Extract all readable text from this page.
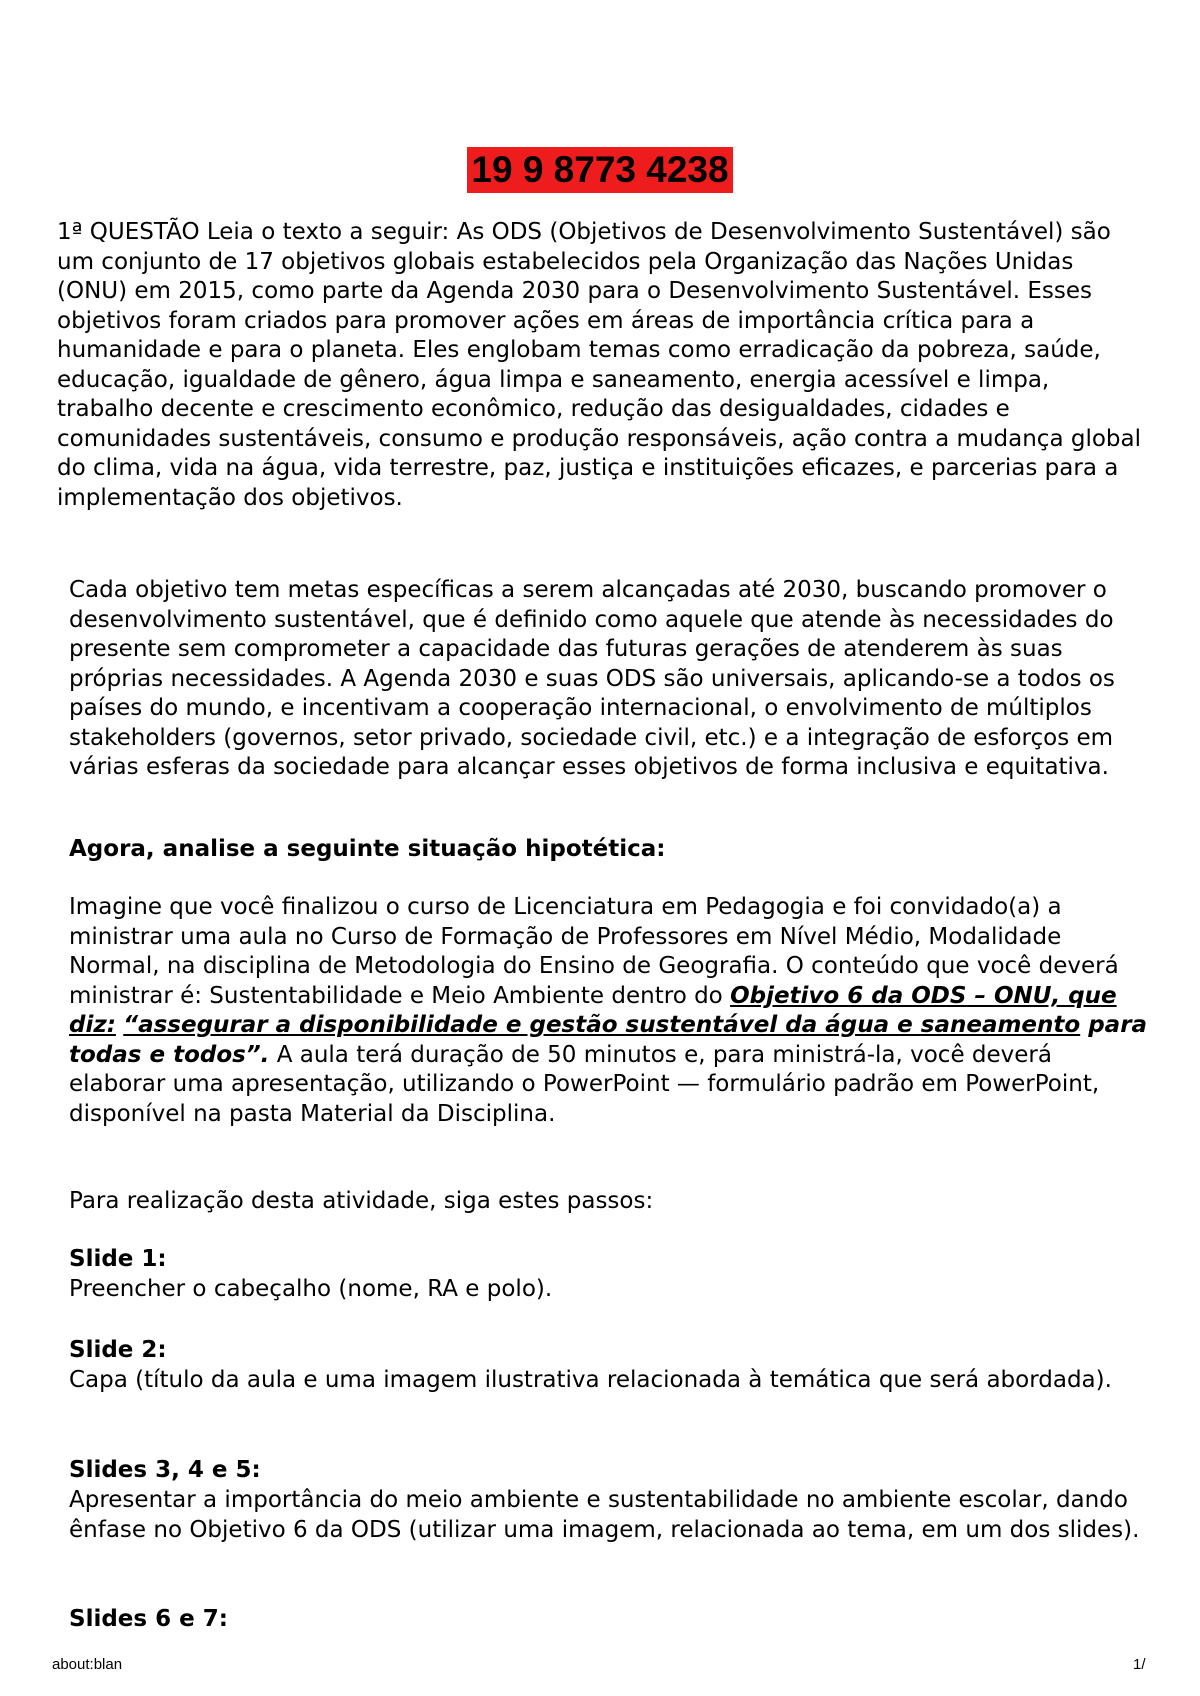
19 9 8773 4238

1ª QUESTÃO Leia o texto a seguir: As ODS (Objetivos de Desenvolvimento Sustentável) são um conjunto de 17 objetivos globais estabelecidos pela Organização das Nações Unidas (ONU) em 2015, como parte da Agenda 2030 para o Desenvolvimento Sustentável. Esses objetivos foram criados para promover ações em áreas de importância crítica para a humanidade e para o planeta. Eles englobam temas como erradicação da pobreza, saúde, educação, igualdade de gênero, água limpa e saneamento, energia acessível e limpa, trabalho decente e crescimento econômico, redução das desigualdades, cidades e comunidades sustentáveis, consumo e produção responsáveis, ação contra a mudança global do clima, vida na água, vida terrestre, paz, justiça e instituições eficazes, e parcerias para a implementação dos objetivos.

Cada objetivo tem metas específicas a serem alcançadas até 2030, buscando promover o desenvolvimento sustentável, que é definido como aquele que atende às necessidades do presente sem comprometer a capacidade das futuras gerações de atenderem às suas próprias necessidades. A Agenda 2030 e suas ODS são universais, aplicando-se a todos os países do mundo, e incentivam a cooperação internacional, o envolvimento de múltiplos stakeholders (governos, setor privado, sociedade civil, etc.) e a integração de esforços em várias esferas da sociedade para alcançar esses objetivos de forma inclusiva e equitativa.

Agora, analise a seguinte situação hipotética:

Imagine que você finalizou o curso de Licenciatura em Pedagogia e foi convidado(a) a ministrar uma aula no Curso de Formação de Professores em Nível Médio, Modalidade Normal, na disciplina de Metodologia do Ensino de Geografia. O conteúdo que você deverá ministrar é: Sustentabilidade e Meio Ambiente dentro do Objetivo 6 da ODS – ONU, que diz: “assegurar a disponibilidade e gestão sustentável da água e saneamento para todas e todos”. A aula terá duração de 50 minutos e, para ministrá-la, você deverá elaborar uma apresentação, utilizando o PowerPoint — formulário padrão em PowerPoint, disponível na pasta Material da Disciplina.

Para realização desta atividade, siga estes passos:

Slide 1:

Preencher o cabeçalho (nome, RA e polo).

Slide 2:

Capa (título da aula e uma imagem ilustrativa relacionada à temática que será abordada).

Slides 3, 4 e 5:

Apresentar a importância do meio ambiente e sustentabilidade no ambiente escolar, dando ênfase no Objetivo 6 da ODS (utilizar uma imagem, relacionada ao tema, em um dos slides).

Slides 6 e 7:

about:blan	1/
